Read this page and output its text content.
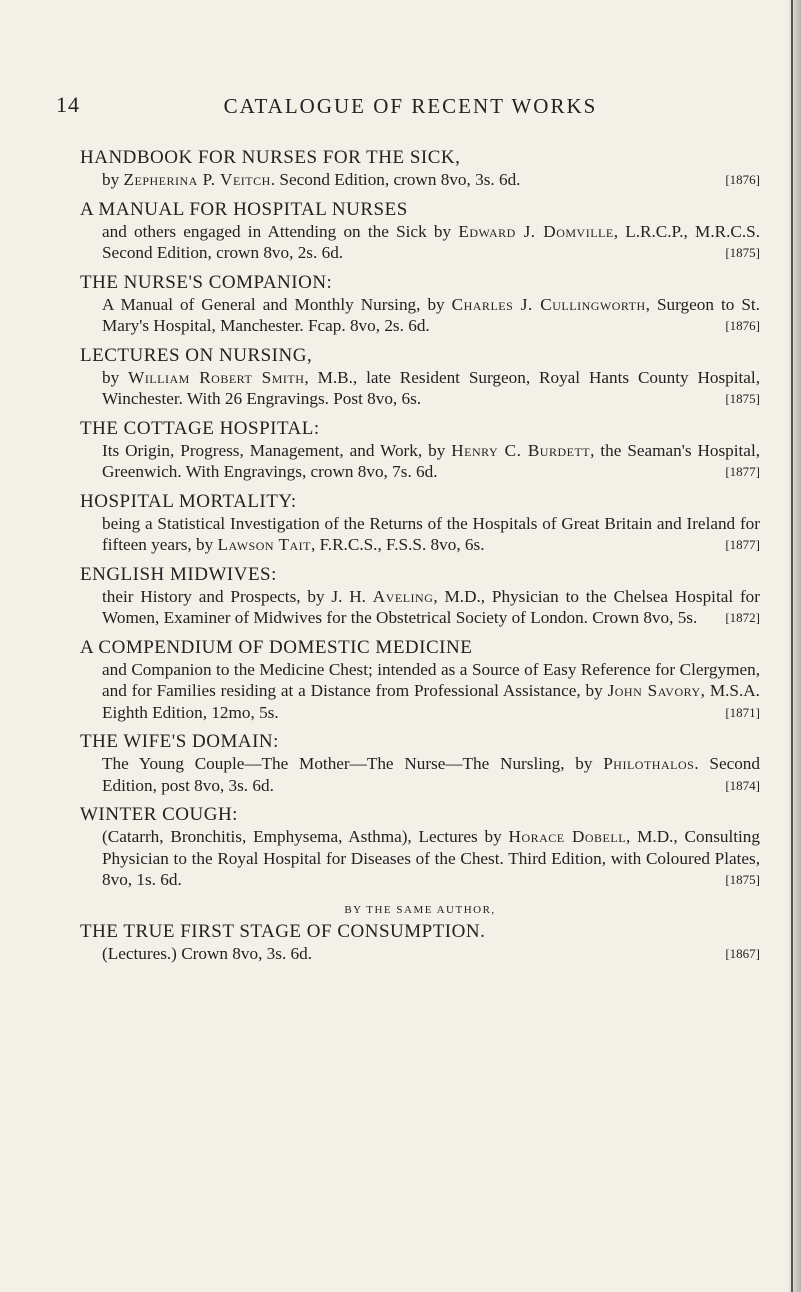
14	CATALOGUE OF RECENT WORKS
HANDBOOK FOR NURSES FOR THE SICK,
by Zepherina P. Veitch. Second Edition, crown 8vo, 3s. 6d.	[1876]
A MANUAL FOR HOSPITAL NURSES
and others engaged in Attending on the Sick by Edward J. Domville, L.R.C.P., M.R.C.S. Second Edition, crown 8vo, 2s. 6d.	[1875]
THE NURSE'S COMPANION:
A Manual of General and Monthly Nursing, by Charles J. Cullingworth, Surgeon to St. Mary's Hospital, Manchester. Fcap. 8vo, 2s. 6d.	[1876]
LECTURES ON NURSING,
by William Robert Smith, M.B., late Resident Surgeon, Royal Hants County Hospital, Winchester. With 26 Engravings. Post 8vo, 6s.	[1875]
THE COTTAGE HOSPITAL:
Its Origin, Progress, Management, and Work, by Henry C. Burdett, the Seaman's Hospital, Greenwich. With Engravings, crown 8vo, 7s. 6d.	[1877]
HOSPITAL MORTALITY:
being a Statistical Investigation of the Returns of the Hospitals of Great Britain and Ireland for fifteen years, by Lawson Tait, F.R.C.S., F.S.S. 8vo, 6s.	[1877]
ENGLISH MIDWIVES:
their History and Prospects, by J. H. Aveling, M.D., Physician to the Chelsea Hospital for Women, Examiner of Midwives for the Obstetrical Society of London. Crown 8vo, 5s. [1872]
A COMPENDIUM OF DOMESTIC MEDICINE
and Companion to the Medicine Chest; intended as a Source of Easy Reference for Clergymen, and for Families residing at a Distance from Professional Assistance, by John Savory, M.S.A. Eighth Edition, 12mo, 5s.	[1871]
THE WIFE'S DOMAIN:
The Young Couple—The Mother—The Nurse—The Nursling, by Philothalos. Second Edition, post 8vo, 3s. 6d.	[1874]
WINTER COUGH:
(Catarrh, Bronchitis, Emphysema, Asthma), Lectures by Horace Dobell, M.D., Consulting Physician to the Royal Hospital for Diseases of the Chest. Third Edition, with Coloured Plates, 8vo, 1s. 6d.	[1875]
BY THE SAME AUTHOR,
THE TRUE FIRST STAGE OF CONSUMPTION.
(Lectures.) Crown 8vo, 3s. 6d.	[1867]
